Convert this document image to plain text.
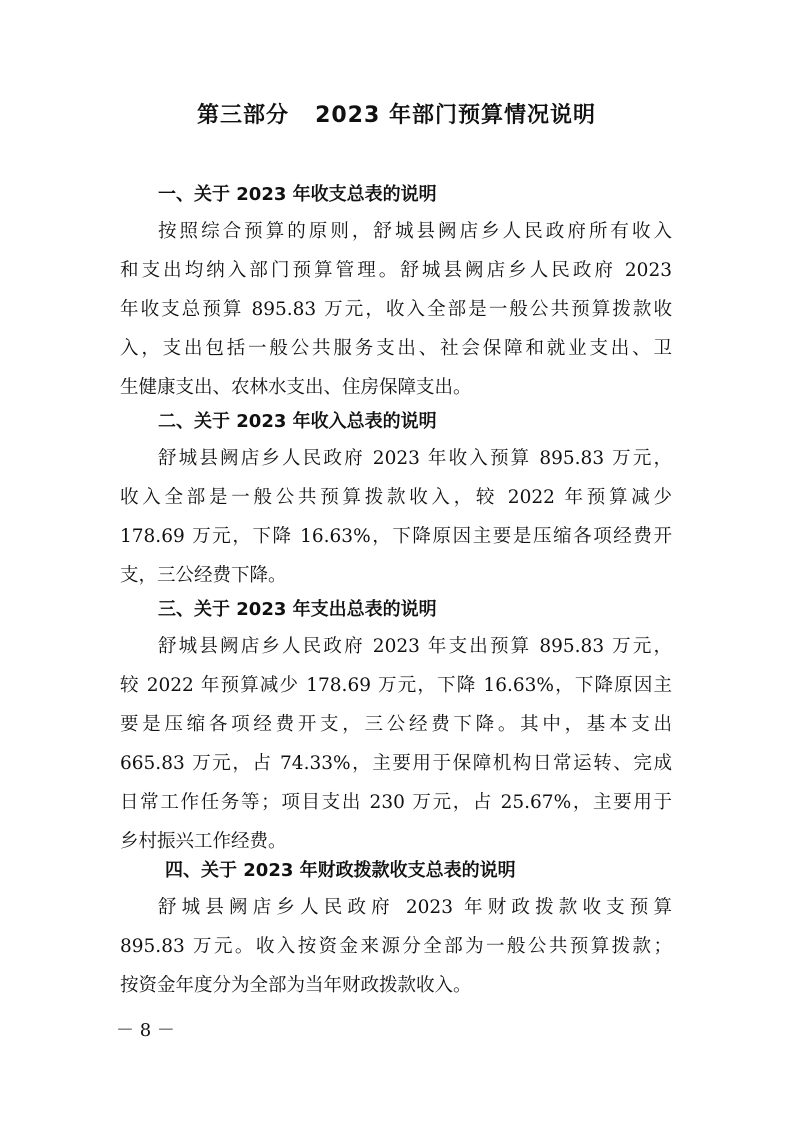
第三部分 2023 年部门预算情况说明
一、关于 2023 年收支总表的说明
按照综合预算的原则，舒城县阙店乡人民政府所有收入
和支出均纳入部门预算管理。舒城县阙店乡人民政府 2023
年收支总预算 895.83 万元，收入全部是一般公共预算拨款收
入，支出包括一般公共服务支出、社会保障和就业支出、卫
生健康支出、农林水支出、住房保障支出。
二、关于 2023 年收入总表的说明
舒城县阙店乡人民政府 2023 年收入预算 895.83 万元，
收入全部是一般公共预算拨款收入，较 2022 年预算减少
178.69 万元，下降 16.63%，下降原因主要是压缩各项经费开
支，三公经费下降。
三、关于 2023 年支出总表的说明
舒城县阙店乡人民政府 2023 年支出预算 895.83 万元，
较 2022 年预算减少 178.69 万元，下降 16.63%，下降原因主
要是压缩各项经费开支，三公经费下降。其中，基本支出
665.83 万元，占 74.33%，主要用于保障机构日常运转、完成
日常工作任务等；项目支出 230 万元，占 25.67%，主要用于
乡村振兴工作经费。
四、关于 2023 年财政拨款收支总表的说明
舒城县阙店乡人民政府 2023 年财政拨款收支预算
895.83 万元。收入按资金来源分全部为一般公共预算拨款；
按资金年度分为全部为当年财政拨款收入。
－ 8 －
